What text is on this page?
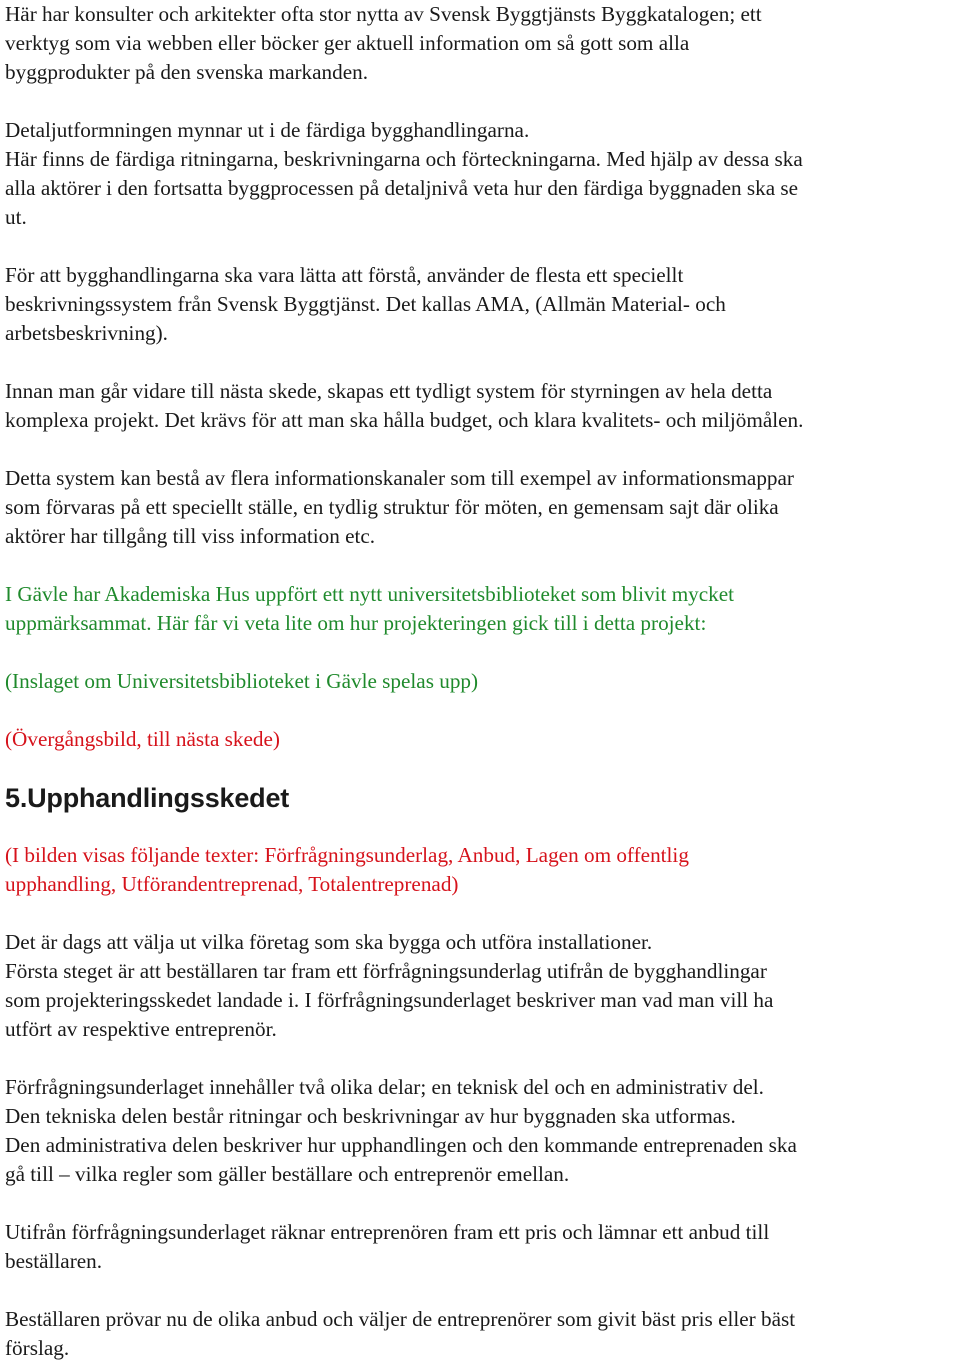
Här har konsulter och arkitekter ofta stor nytta av Svensk Byggtjänsts Byggkatalogen; ett
verktyg som via webben eller böcker ger aktuell information om så gott som alla
byggprodukter på den svenska markanden.

Detaljutformningen mynnar ut i de färdiga bygghandlingarna.
Här finns de färdiga ritningarna, beskrivningarna och förteckningarna. Med hjälp av dessa ska
alla aktörer i den fortsatta byggprocessen på detaljnivå veta hur den färdiga byggnaden ska se
ut.

För att bygghandlingarna ska vara lätta att förstå, använder de flesta ett speciellt
beskrivningssystem från Svensk Byggtjänst. Det kallas AMA, (Allmän Material- och
arbetsbeskrivning).

Innan man går vidare till nästa skede, skapas ett tydligt system för styrningen av hela detta
komplexa projekt. Det krävs för att man ska hålla budget, och klara kvalitets- och miljömålen.

Detta system kan bestå av flera informationskanaler som till exempel av informationsmappar
som förvaras på ett speciellt ställe, en tydlig struktur för möten, en gemensam sajt där olika
aktörer har tillgång till viss information etc.

I Gävle har Akademiska Hus uppfört ett nytt universitetsbiblioteket som blivit mycket
uppmärksammat. Här får vi veta lite om hur projekteringen gick till i detta projekt:

(Inslaget om Universitetsbiblioteket i Gävle spelas upp)

(Övergångsbild, till nästa skede)

5.Upphandlingsskedet

(I bilden visas följande texter: Förfrågningsunderlag, Anbud, Lagen om offentlig
upphandling, Utförandentreprenad, Totalentreprenad)

Det är dags att välja ut vilka företag som ska bygga och utföra installationer.
Första steget är att beställaren tar fram ett förfrågningsunderlag utifrån de bygghandlingar
som projekteringsskedet landade i. I förfrågningsunderlaget beskriver man vad man vill ha
utfört av respektive entreprenör.

Förfrågningsunderlaget innehåller två olika delar; en teknisk del och en administrativ del.
Den tekniska delen består ritningar och beskrivningar av hur byggnaden ska utformas.
Den administrativa delen beskriver hur upphandlingen och den kommande entreprenaden ska
gå till – vilka regler som gäller beställare och entreprenör emellan.

Utifrån förfrågningsunderlaget räknar entreprenören fram ett pris och lämnar ett anbud till
beställaren.

Beställaren prövar nu de olika anbud och väljer de entreprenörer som givit bäst pris eller bäst
förslag.
